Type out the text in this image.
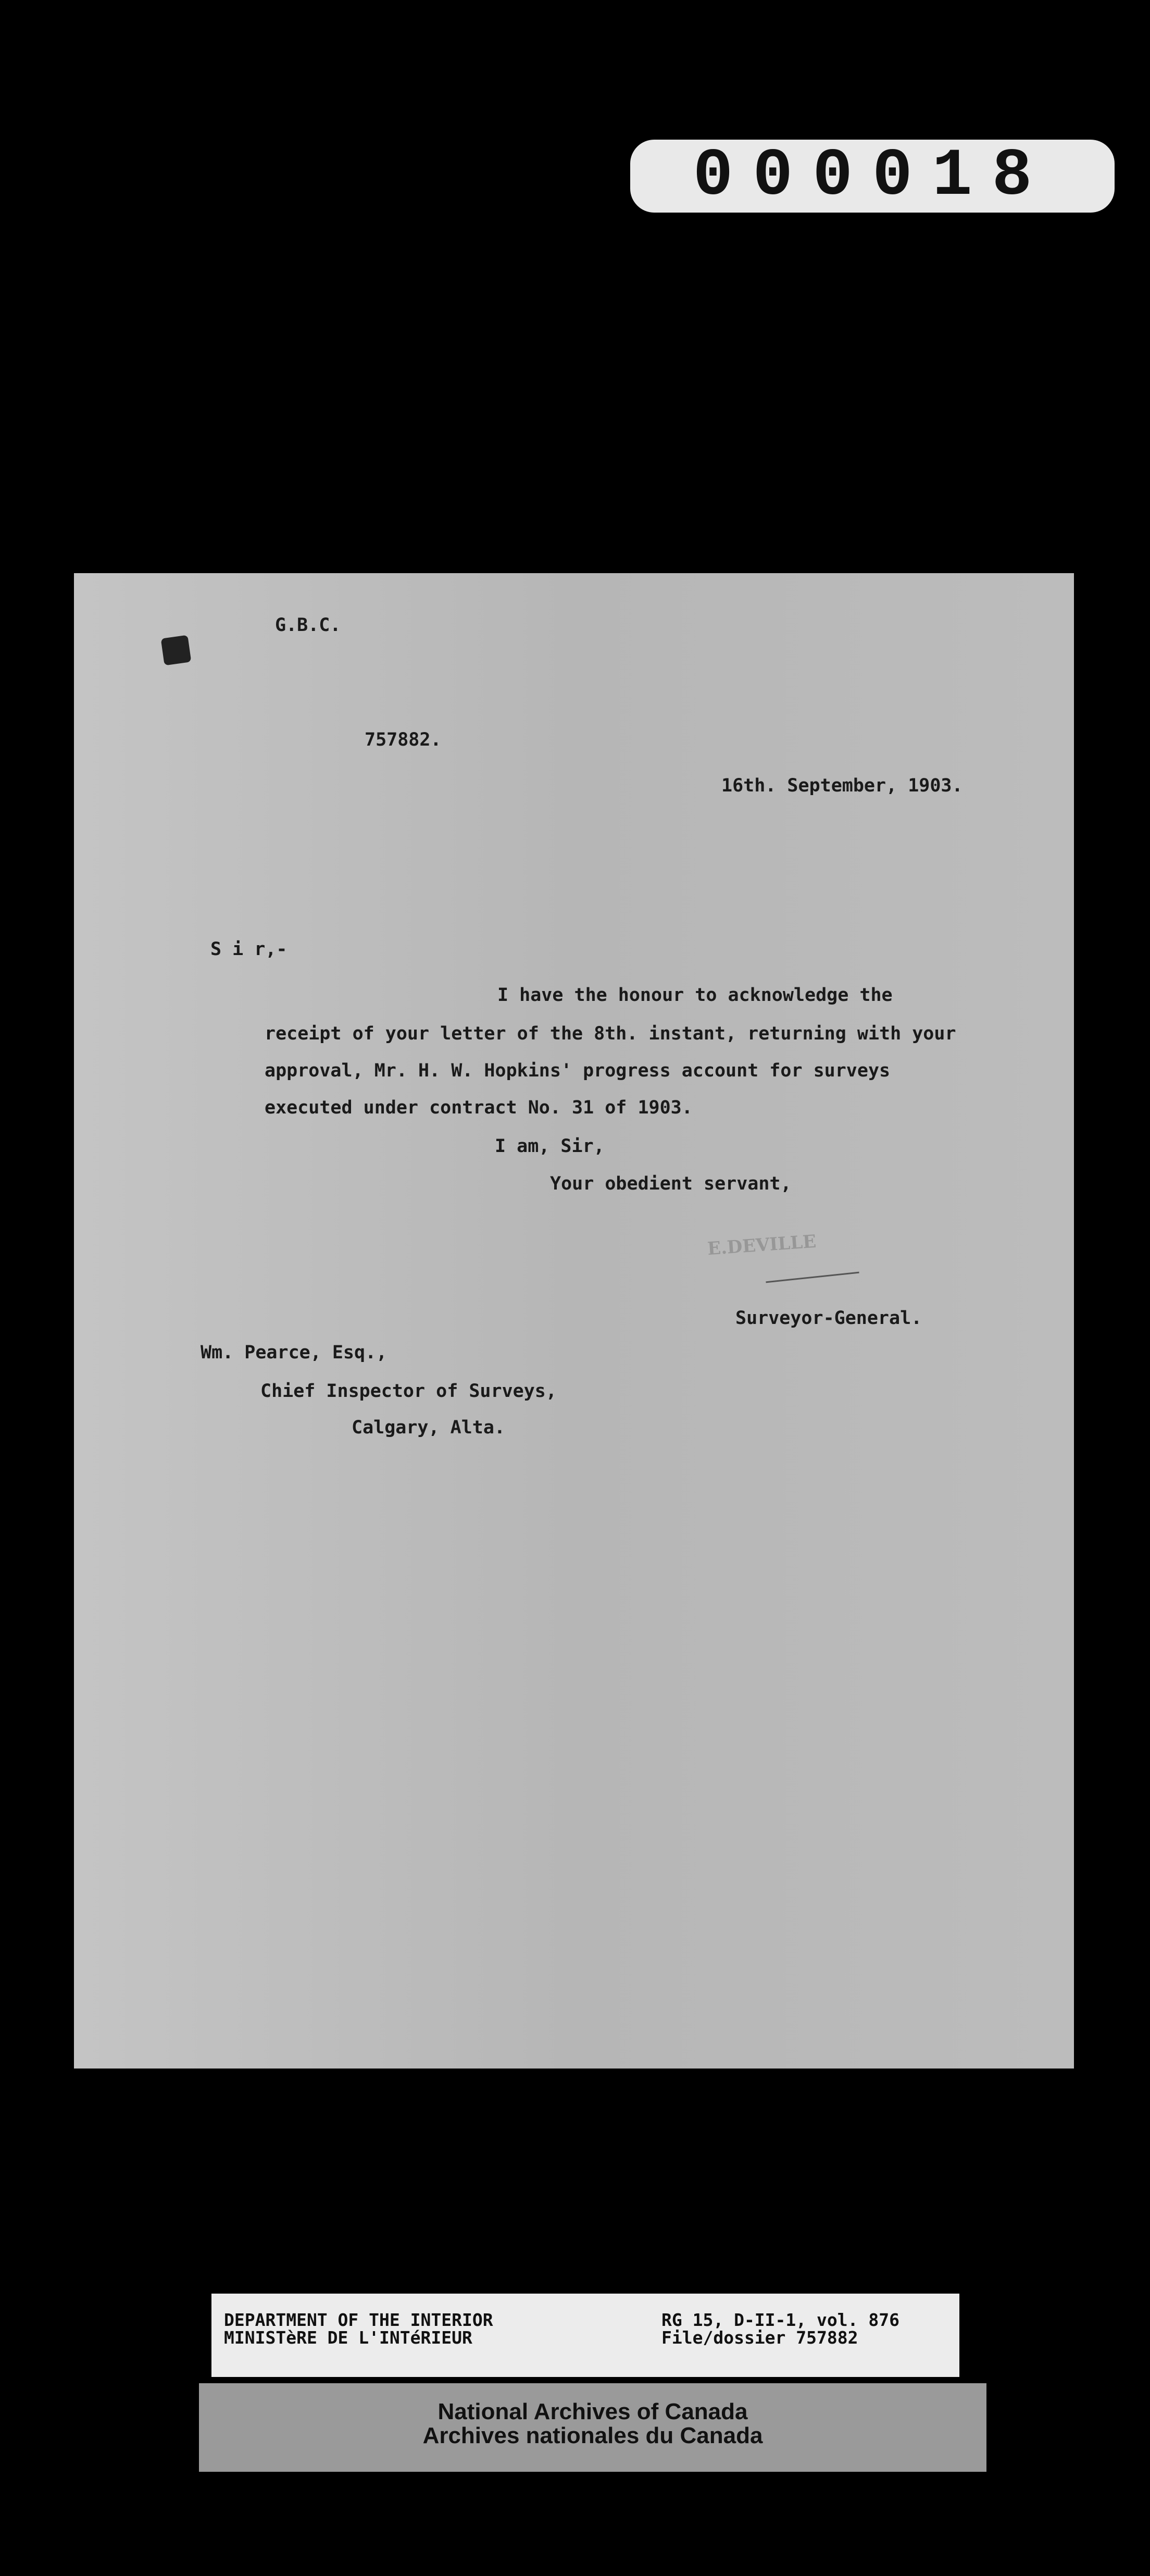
000018
G.B.C.
757882.
16th. September, 1903.
S i r,-
I have the honour to acknowledge the
receipt of your letter of the 8th. instant, returning with your
approval, Mr. H. W. Hopkins' progress account for surveys
executed under contract No. 31 of 1903.
I am, Sir,
Your obedient servant,
E.DEVILLE
Surveyor-General.
Wm. Pearce, Esq.,
Chief Inspector of Surveys,
Calgary, Alta.
DEPARTMENT OF THE INTERIOR
MINISTèRE DE L'INTéRIEUR
RG 15, D-II-1, vol. 876
File/dossier 757882
National Archives of Canada
Archives nationales du Canada
